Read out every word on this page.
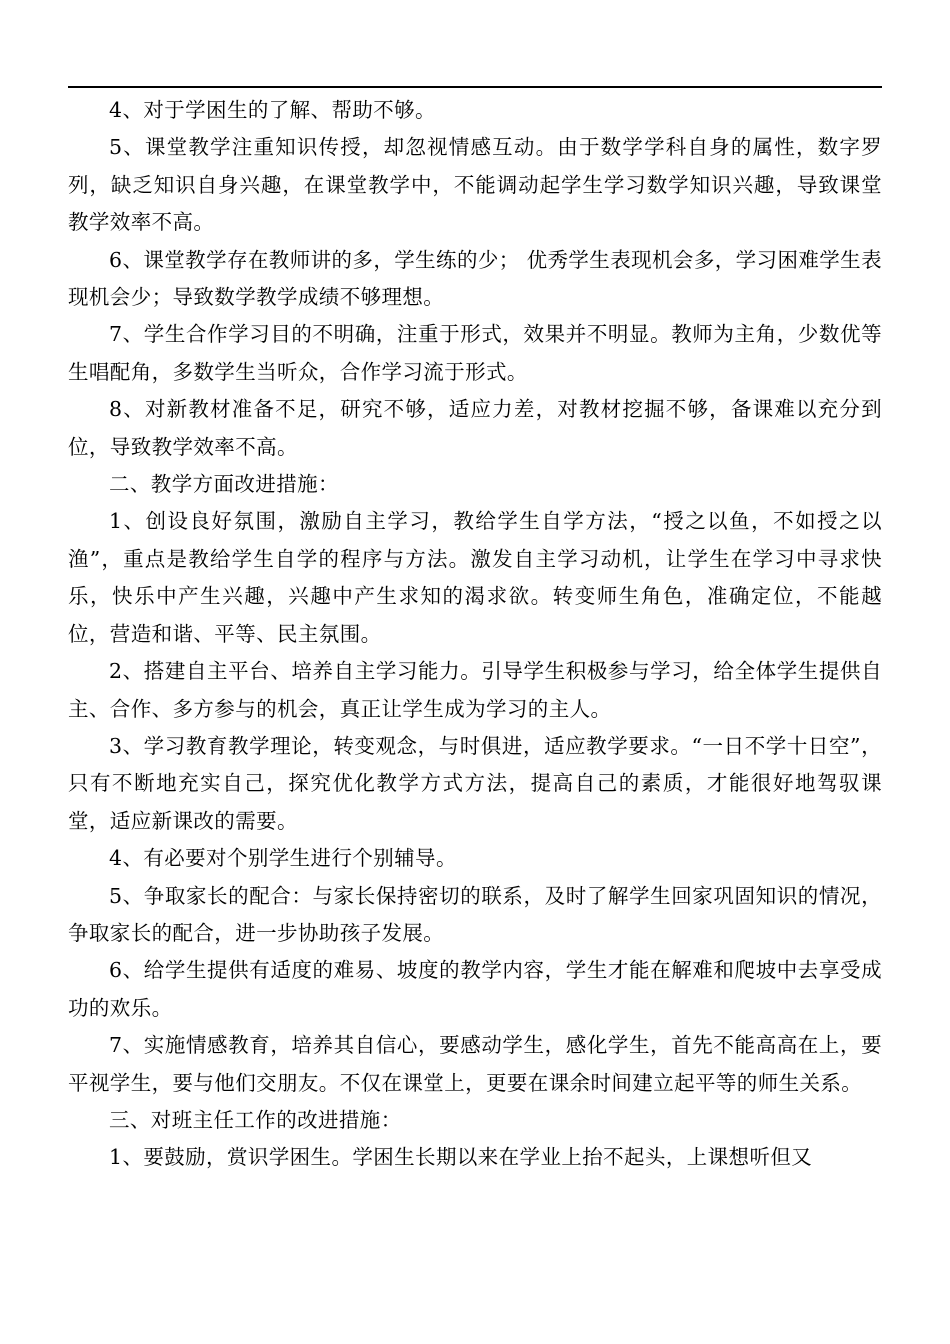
4、对于学困生的了解、帮助不够。

5、课堂教学注重知识传授，却忽视情感互动。由于数学学科自身的属性，数字罗列，缺乏知识自身兴趣，在课堂教学中，不能调动起学生学习数学知识兴趣，导致课堂教学效率不高。

6、课堂教学存在教师讲的多，学生练的少； 优秀学生表现机会多，学习困难学生表现机会少；导致数学教学成绩不够理想。

7、学生合作学习目的不明确，注重于形式，效果并不明显。教师为主角，少数优等生唱配角，多数学生当听众，合作学习流于形式。

8、对新教材准备不足，研究不够，适应力差，对教材挖掘不够，备课难以充分到位，导致教学效率不高。

二、教学方面改进措施：

1、创设良好氛围，激励自主学习，教给学生自学方法，“授之以鱼，不如授之以渔”，重点是教给学生自学的程序与方法。激发自主学习动机，让学生在学习中寻求快乐，快乐中产生兴趣，兴趣中产生求知的渴求欲。转变师生角色，准确定位，不能越位，营造和谐、平等、民主氛围。

2、搭建自主平台、培养自主学习能力。引导学生积极参与学习，给全体学生提供自主、合作、多方参与的机会，真正让学生成为学习的主人。

3、学习教育教学理论，转变观念，与时俱进，适应教学要求。“一日不学十日空”，只有不断地充实自己，探究优化教学方式方法，提高自己的素质，才能很好地驾驭课堂，适应新课改的需要。

4、有必要对个别学生进行个别辅导。

5、争取家长的配合：与家长保持密切的联系，及时了解学生回家巩固知识的情况，争取家长的配合，进一步协助孩子发展。

6、给学生提供有适度的难易、坡度的教学内容，学生才能在解难和爬坡中去享受成功的欢乐。

7、实施情感教育，培养其自信心，要感动学生，感化学生，首先不能高高在上，要平视学生，要与他们交朋友。不仅在课堂上，更要在课余时间建立起平等的师生关系。

三、对班主任工作的改进措施：

1、要鼓励，赏识学困生。学困生长期以来在学业上抬不起头，上课想听但又
